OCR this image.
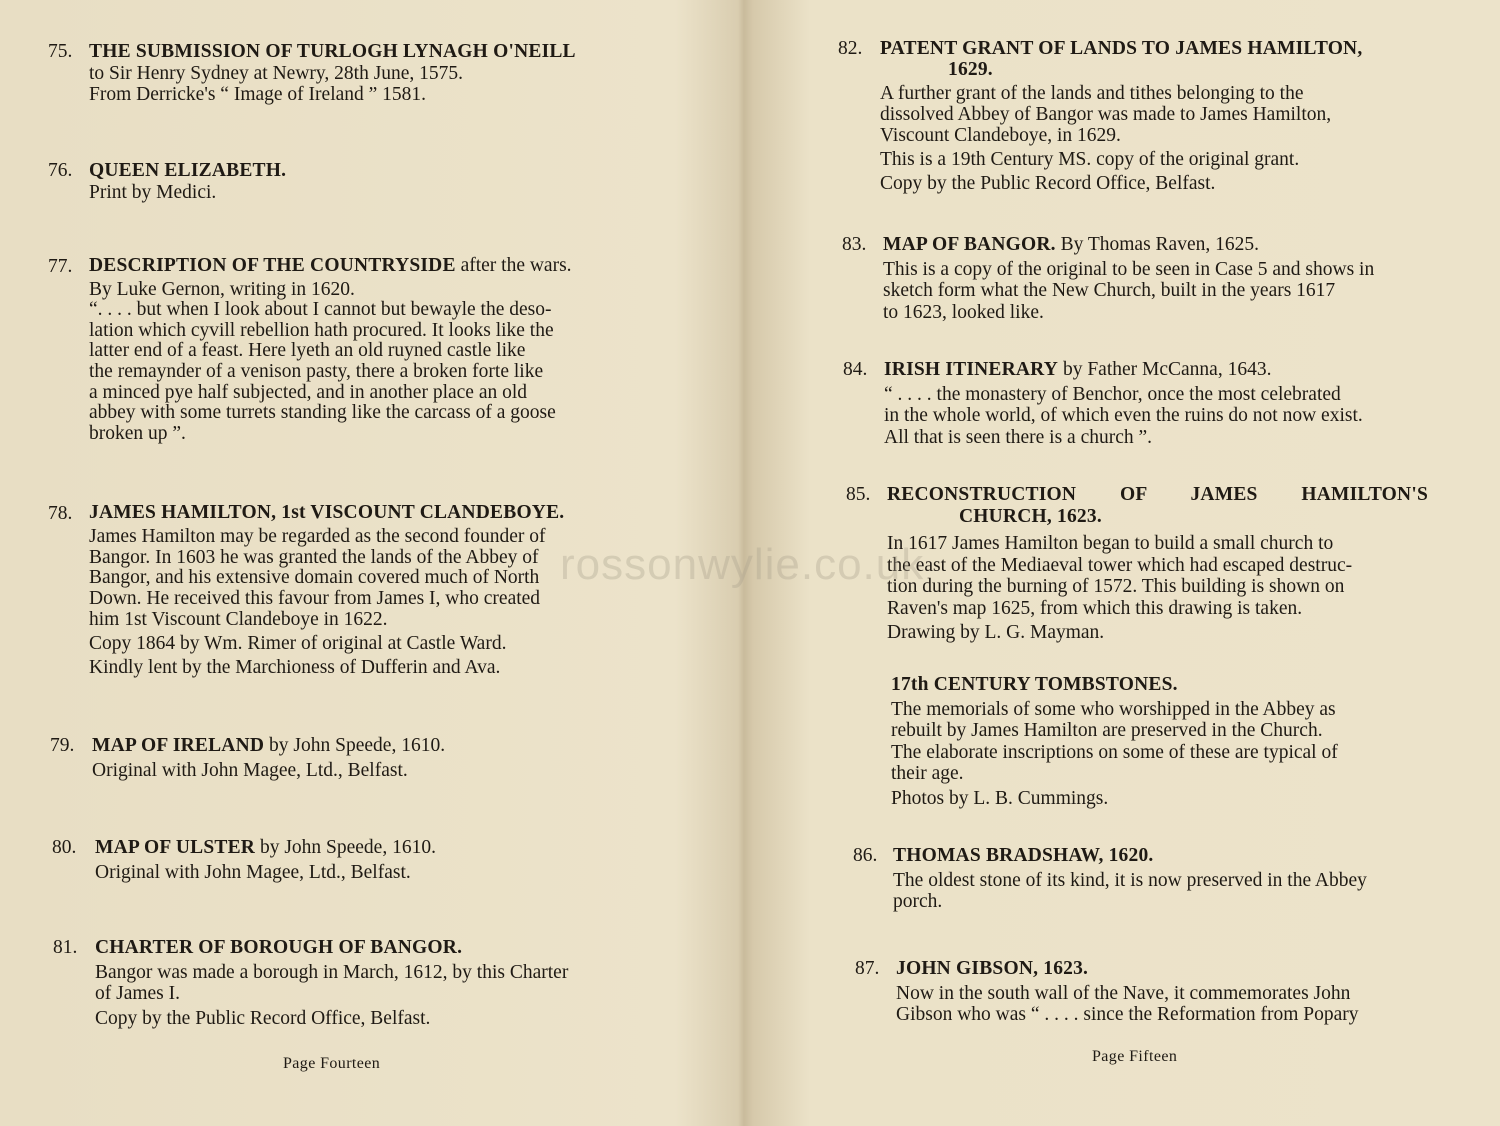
75. THE SUBMISSION OF TURLOGH LYNAGH O'NEILL
to Sir Henry Sydney at Newry, 28th June, 1575.
From Derricke's “ Image of Ireland ” 1581.
76. QUEEN ELIZABETH.
Print by Medici.
77. DESCRIPTION OF THE COUNTRYSIDE after the wars.
By Luke Gernon, writing in 1620.
“. . . . but when I look about I cannot but bewayle the deso-
lation which cyvill rebellion hath procured. It looks like the
latter end of a feast. Here lyeth an old ruyned castle like
the remaynder of a venison pasty, there a broken forte like
a minced pye half subjected, and in another place an old
abbey with some turrets standing like the carcass of a goose
broken up ”.
78. JAMES HAMILTON, 1st VISCOUNT CLANDEBOYE.
James Hamilton may be regarded as the second founder of
Bangor. In 1603 he was granted the lands of the Abbey of
Bangor, and his extensive domain covered much of North
Down. He received this favour from James I, who created
him 1st Viscount Clandeboye in 1622.
Copy 1864 by Wm. Rimer of original at Castle Ward.
Kindly lent by the Marchioness of Dufferin and Ava.
79. MAP OF IRELAND by John Speede, 1610.
Original with John Magee, Ltd., Belfast.
80. MAP OF ULSTER by John Speede, 1610.
Original with John Magee, Ltd., Belfast.
81. CHARTER OF BOROUGH OF BANGOR.
Bangor was made a borough in March, 1612, by this Charter
of James I.
Copy by the Public Record Office, Belfast.
Page Fourteen
82. PATENT GRANT OF LANDS TO JAMES HAMILTON,
1629.
A further grant of the lands and tithes belonging to the
dissolved Abbey of Bangor was made to James Hamilton,
Viscount Clandeboye, in 1629.
This is a 19th Century MS. copy of the original grant.
Copy by the Public Record Office, Belfast.
83. MAP OF BANGOR. By Thomas Raven, 1625.
This is a copy of the original to be seen in Case 5 and shows in
sketch form what the New Church, built in the years 1617
to 1623, looked like.
84. IRISH ITINERARY by Father McCanna, 1643.
“ . . . . the monastery of Benchor, once the most celebrated
in the whole world, of which even the ruins do not now exist.
All that is seen there is a church ”.
85. RECONSTRUCTION OF JAMES HAMILTON'S
CHURCH, 1623.
In 1617 James Hamilton began to build a small church to
the east of the Mediaeval tower which had escaped destruc-
tion during the burning of 1572. This building is shown on
Raven's map 1625, from which this drawing is taken.
Drawing by L. G. Mayman.
17th CENTURY TOMBSTONES.
The memorials of some who worshipped in the Abbey as
rebuilt by James Hamilton are preserved in the Church.
The elaborate inscriptions on some of these are typical of
their age.
Photos by L. B. Cummings.
86. THOMAS BRADSHAW, 1620.
The oldest stone of its kind, it is now preserved in the Abbey
porch.
87. JOHN GIBSON, 1623.
Now in the south wall of the Nave, it commemorates John
Gibson who was “ . . . . since the Reformation from Popary
Page Fifteen
rossonwylie.co.uk
